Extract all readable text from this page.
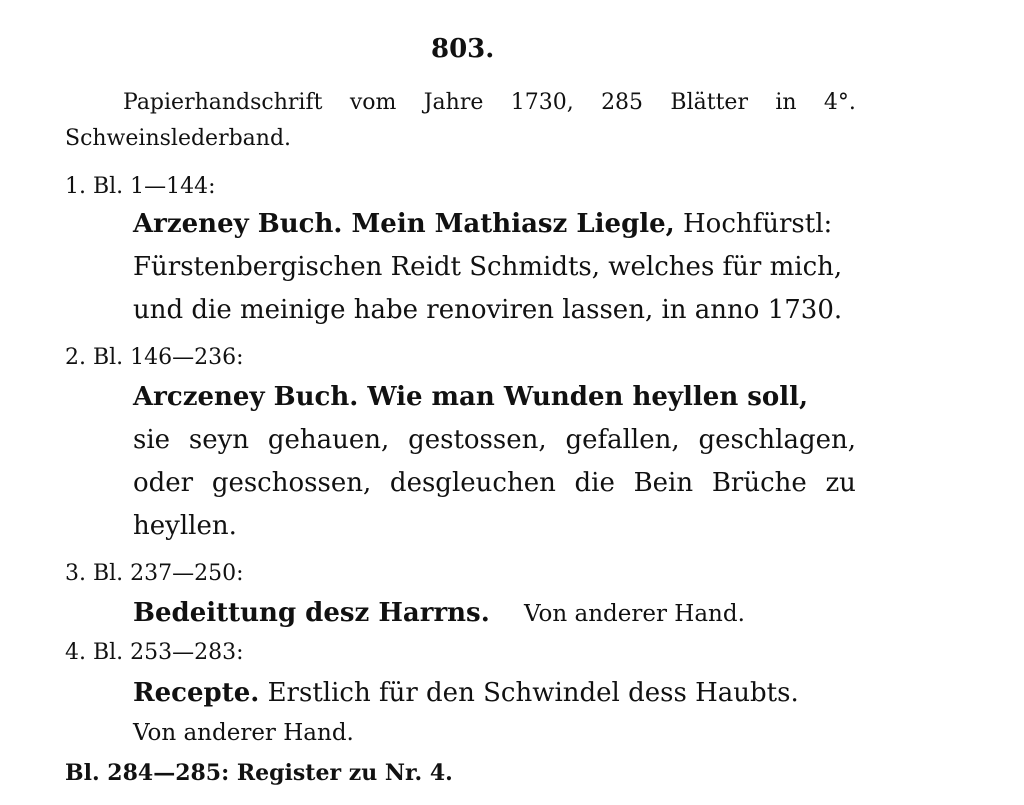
803.
Papierhandschrift vom Jahre 1730, 285 Blätter in 4°.
Schweinslederband.
1. Bl. 1—144:
Arzeney Buch. Mein Mathiasz Liegle, Hochfürstl:
Fürstenbergischen Reidt Schmidts, welches für mich,
und die meinige habe renoviren lassen, in anno 1730.
2. Bl. 146—236:
Arczeney Buch. Wie man Wunden heyllen soll,
sie seyn gehauen, gestossen, gefallen, geschlagen,
oder geschossen, desgleuchen die Bein Brüche zu
heyllen.
3. Bl. 237—250:
Bedeittung desz Harrns. Von anderer Hand.
4. Bl. 253—283:
Recepte. Erstlich für den Schwindel dess Haubts.
Von anderer Hand.
Bl. 284—285: Register zu Nr. 4.
